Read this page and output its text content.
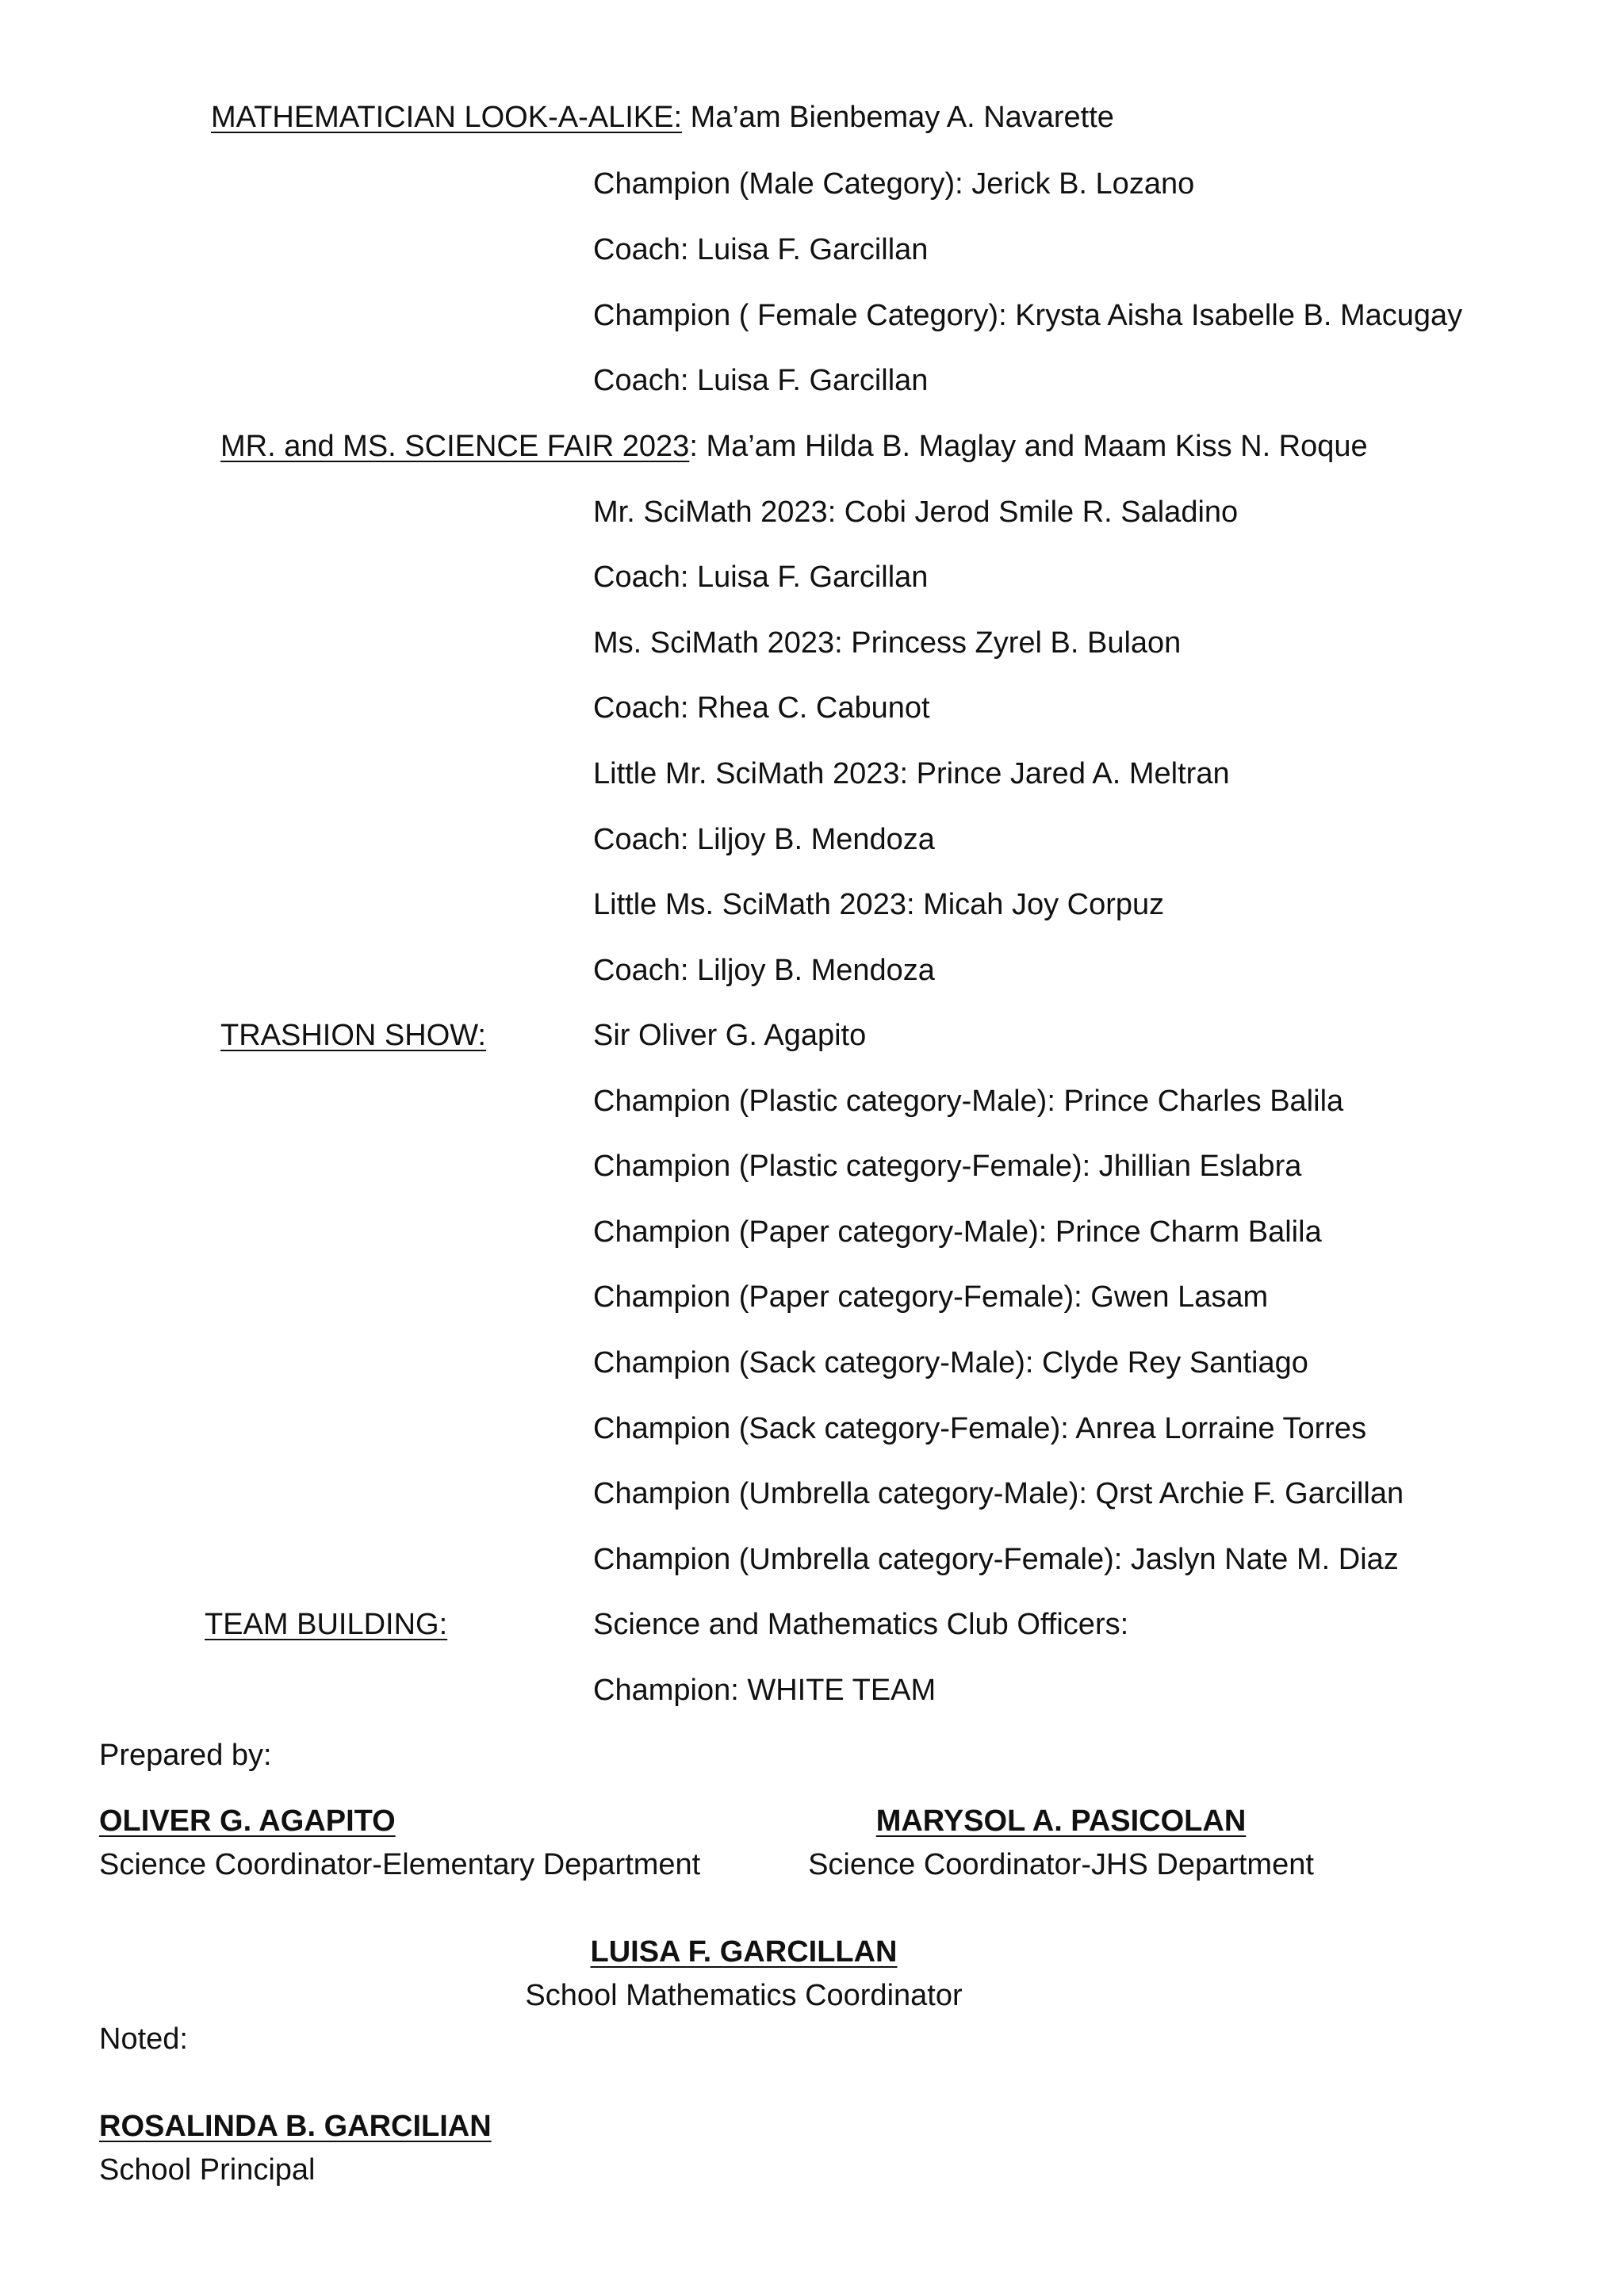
MATHEMATICIAN LOOK-A-ALIKE: Ma’am Bienbemay A. Navarette
Champion (Male Category): Jerick B. Lozano
Coach: Luisa F. Garcillan
Champion ( Female Category): Krysta Aisha Isabelle B. Macugay
Coach: Luisa F. Garcillan
MR. and MS. SCIENCE FAIR 2023: Ma’am Hilda B. Maglay and Maam Kiss N. Roque
Mr. SciMath 2023: Cobi Jerod Smile R. Saladino
Coach: Luisa F. Garcillan
Ms. SciMath 2023: Princess Zyrel B. Bulaon
Coach: Rhea C. Cabunot
Little Mr. SciMath 2023: Prince Jared A. Meltran
Coach: Liljoy B. Mendoza
Little Ms. SciMath 2023: Micah Joy Corpuz
Coach: Liljoy B. Mendoza
TRASHION SHOW:	Sir Oliver G. Agapito
Champion (Plastic category-Male): Prince Charles Balila
Champion (Plastic category-Female): Jhillian Eslabra
Champion (Paper category-Male): Prince Charm Balila
Champion (Paper category-Female): Gwen Lasam
Champion (Sack category-Male): Clyde Rey Santiago
Champion (Sack category-Female): Anrea Lorraine Torres
Champion (Umbrella category-Male): Qrst Archie F. Garcillan
Champion (Umbrella category-Female): Jaslyn Nate M. Diaz
TEAM BUILDING:	Science and Mathematics Club Officers:
Champion: WHITE TEAM
Prepared by:
OLIVER G. AGAPITO
Science Coordinator-Elementary Department
MARYSOL A. PASICOLAN
Science Coordinator-JHS Department
LUISA F. GARCILLAN
School Mathematics Coordinator
Noted:
ROSALINDA B. GARCILIAN
School Principal
